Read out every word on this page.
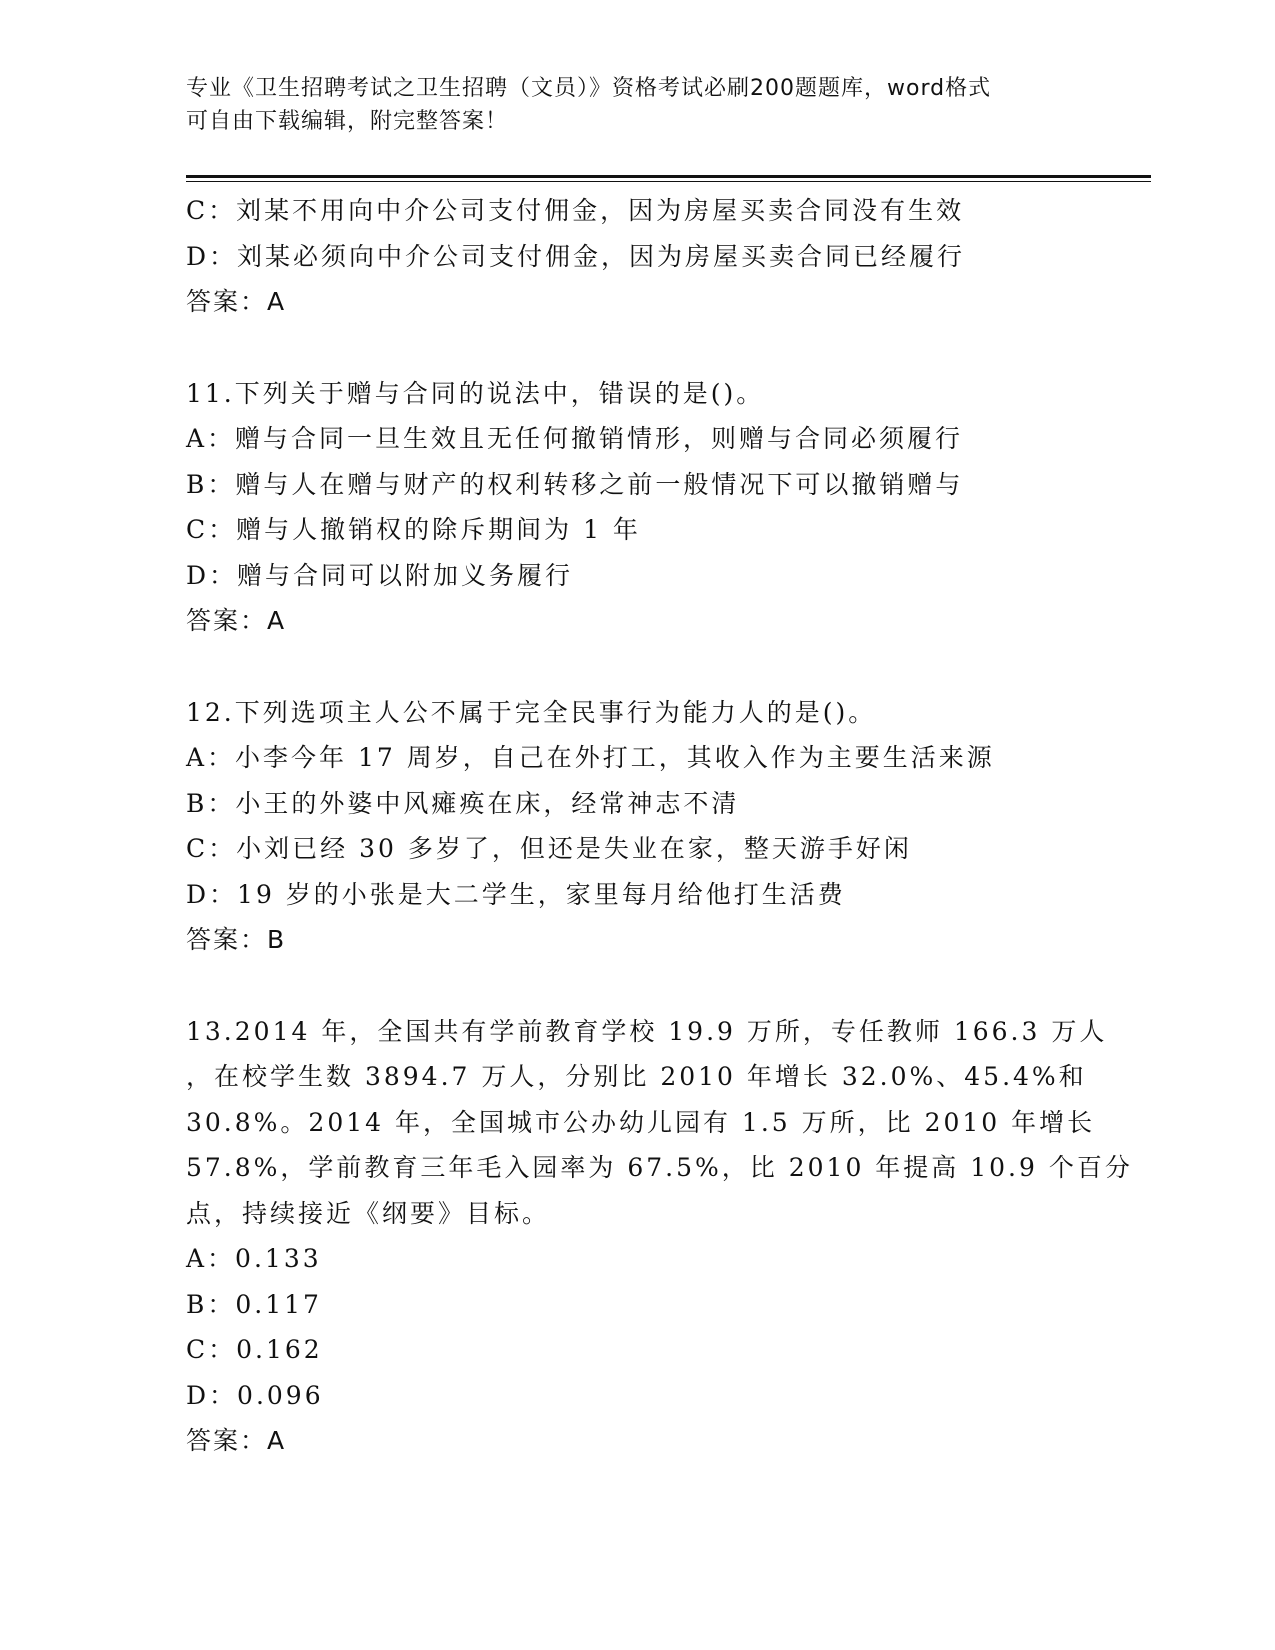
专业《卫生招聘考试之卫生招聘（文员）》资格考试必刷200题题库，word格式
可自由下载编辑，附完整答案！
C：刘某不用向中介公司支付佣金，因为房屋买卖合同没有生效
D：刘某必须向中介公司支付佣金，因为房屋买卖合同已经履行
答案：A
11.下列关于赠与合同的说法中，错误的是()。
A：赠与合同一旦生效且无任何撤销情形，则赠与合同必须履行
B：赠与人在赠与财产的权利转移之前一般情况下可以撤销赠与
C：赠与人撤销权的除斥期间为 1 年
D：赠与合同可以附加义务履行
答案：A
12.下列选项主人公不属于完全民事行为能力人的是()。
A：小李今年 17 周岁，自己在外打工，其收入作为主要生活来源
B：小王的外婆中风瘫痪在床，经常神志不清
C：小刘已经 30 多岁了，但还是失业在家，整天游手好闲
D：19 岁的小张是大二学生，家里每月给他打生活费
答案：B
13.2014 年，全国共有学前教育学校 19.9 万所，专任教师 166.3 万人
，在校学生数 3894.7 万人，分别比 2010 年增长 32.0%、45.4%和
30.8%。2014 年，全国城市公办幼儿园有 1.5 万所，比 2010 年增长
57.8%，学前教育三年毛入园率为 67.5%，比 2010 年提高 10.9 个百分
点，持续接近《纲要》目标。
A：0.133
B：0.117
C：0.162
D：0.096
答案：A
